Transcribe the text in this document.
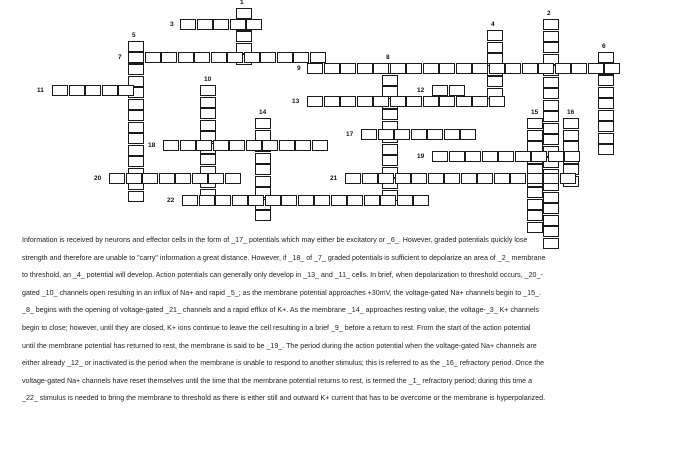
1
2
3	4
5
6
7	8
9
10
11	12
13
14	15	16
17
18
19
20	21
22
Information is received by neurons and effector cells in the form of _17_ potentials which may either be excitatory or _6_. However, graded potentials quickly lose
strength and therefore are unable to "carry" information a great distance. However, if _18_ of _7_ graded potentials is sufficient to depolarize an area of _2_ membrane
to threshold, an _4_ potential will develop. Action potentials can generally only develop in _13_ and _11_ cells. In brief, when depolarization to threshold occurs, _20_-
gated _10_ channels open resulting in an influx of Na+ and rapid _5_; as the membrane potential approaches +30mV, the voltage-gated Na+ channels begin to _15_.
_8_ begins with the opening of voltage-gated _21_ channels and a rapid efflux of K+. As the membrane _14_ approaches resting value, the voltage-_3_ K+ channels
begin to close; however, until they are closed, K+ ions continue to leave the cell resulting in a brief _9_ before a return to rest. From the start of the action potential
until the membrane potential has returned to rest, the membrane is said to be _19_. The period during the action potential when the voltage-gated Na+ channels are
either already _12_ or inactivated is the period when the membrane is unable to respond to another stimulus; this is referred to as the _16_ refractory period. Once the
voltage-gated Na+ channels have reset themselves until the time that the membrane potential returns to rest, is termed the _1_ refractory period; during this time a
_22_ stimulus is needed to bring the membrane to threshold as there is either still and outward K+ current that has to be overcome or the membrane is hyperpolarized.
